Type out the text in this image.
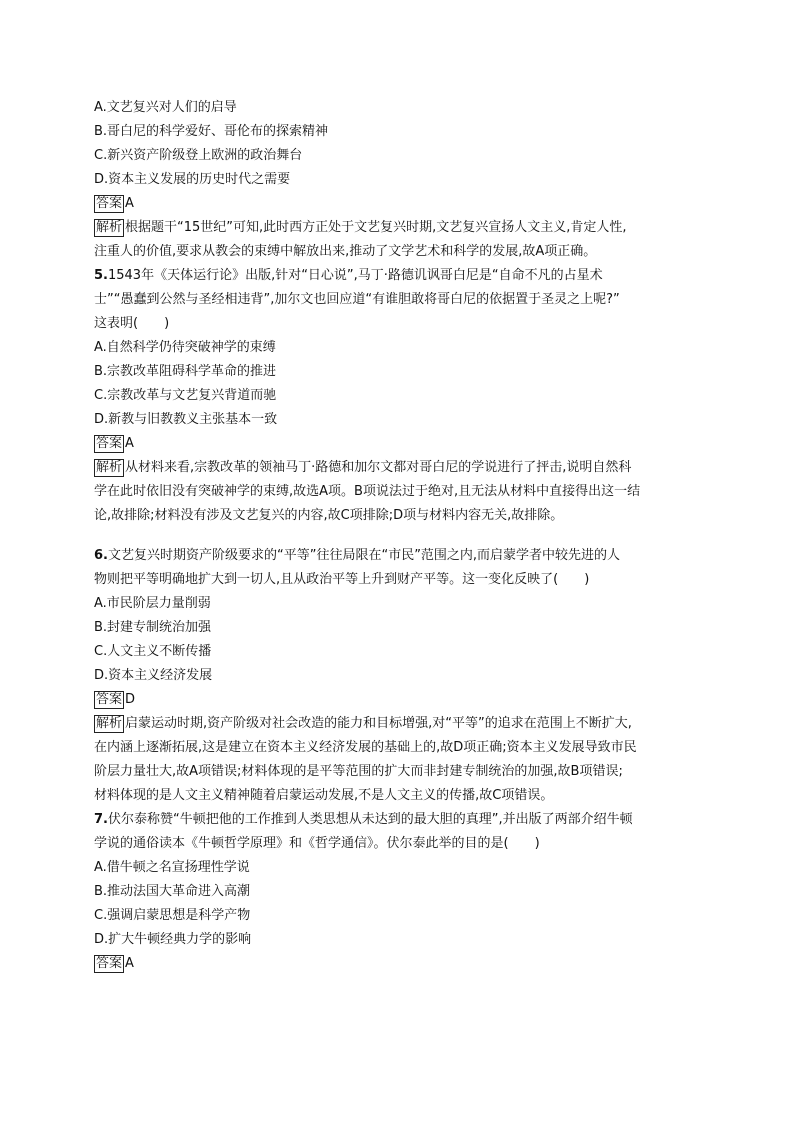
A.文艺复兴对人们的启导
B.哥白尼的科学爱好、哥伦布的探索精神
C.新兴资产阶级登上欧洲的政治舞台
D.资本主义发展的历史时代之需要
答案 A
解析 根据题干“15世纪”可知,此时西方正处于文艺复兴时期,文艺复兴宣扬人文主义,肯定人性,
注重人的价值,要求从教会的束缚中解放出来,推动了文学艺术和科学的发展,故A项正确。
5.1543年《天体运行论》出版,针对“日心说”,马丁·路德讥讽哥白尼是“自命不凡的占星术
士”“愚蠢到公然与圣经相违背”,加尔文也回应道“有谁胆敢将哥白尼的依据置于圣灵之上呢?”
这表明(　　)
A.自然科学仍待突破神学的束缚
B.宗教改革阻碍科学革命的推进
C.宗教改革与文艺复兴背道而驰
D.新教与旧教教义主张基本一致
答案 A
解析 从材料来看,宗教改革的领袖马丁·路德和加尔文都对哥白尼的学说进行了抨击,说明自然科
学在此时依旧没有突破神学的束缚,故选A项。B项说法过于绝对,且无法从材料中直接得出这一结
论,故排除;材料没有涉及文艺复兴的内容,故C项排除;D项与材料内容无关,故排除。
6.文艺复兴时期资产阶级要求的“平等”往往局限在“市民”范围之内,而启蒙学者中较先进的人
物则把平等明确地扩大到一切人,且从政治平等上升到财产平等。这一变化反映了(　　)
A.市民阶层力量削弱
B.封建专制统治加强
C.人文主义不断传播
D.资本主义经济发展
答案 D
解析 启蒙运动时期,资产阶级对社会改造的能力和目标增强,对“平等”的追求在范围上不断扩大,
在内涵上逐渐拓展,这是建立在资本主义经济发展的基础上的,故D项正确;资本主义发展导致市民
阶层力量壮大,故A项错误;材料体现的是平等范围的扩大而非封建专制统治的加强,故B项错误;
材料体现的是人文主义精神随着启蒙运动发展,不是人文主义的传播,故C项错误。
7.伏尔泰称赞“牛顿把他的工作推到人类思想从未达到的最大胆的真理”,并出版了两部介绍牛顿
学说的通俗读本《牛顿哲学原理》和《哲学通信》。伏尔泰此举的目的是(　　)
A.借牛顿之名宣扬理性学说
B.推动法国大革命进入高潮
C.强调启蒙思想是科学产物
D.扩大牛顿经典力学的影响
答案 A
